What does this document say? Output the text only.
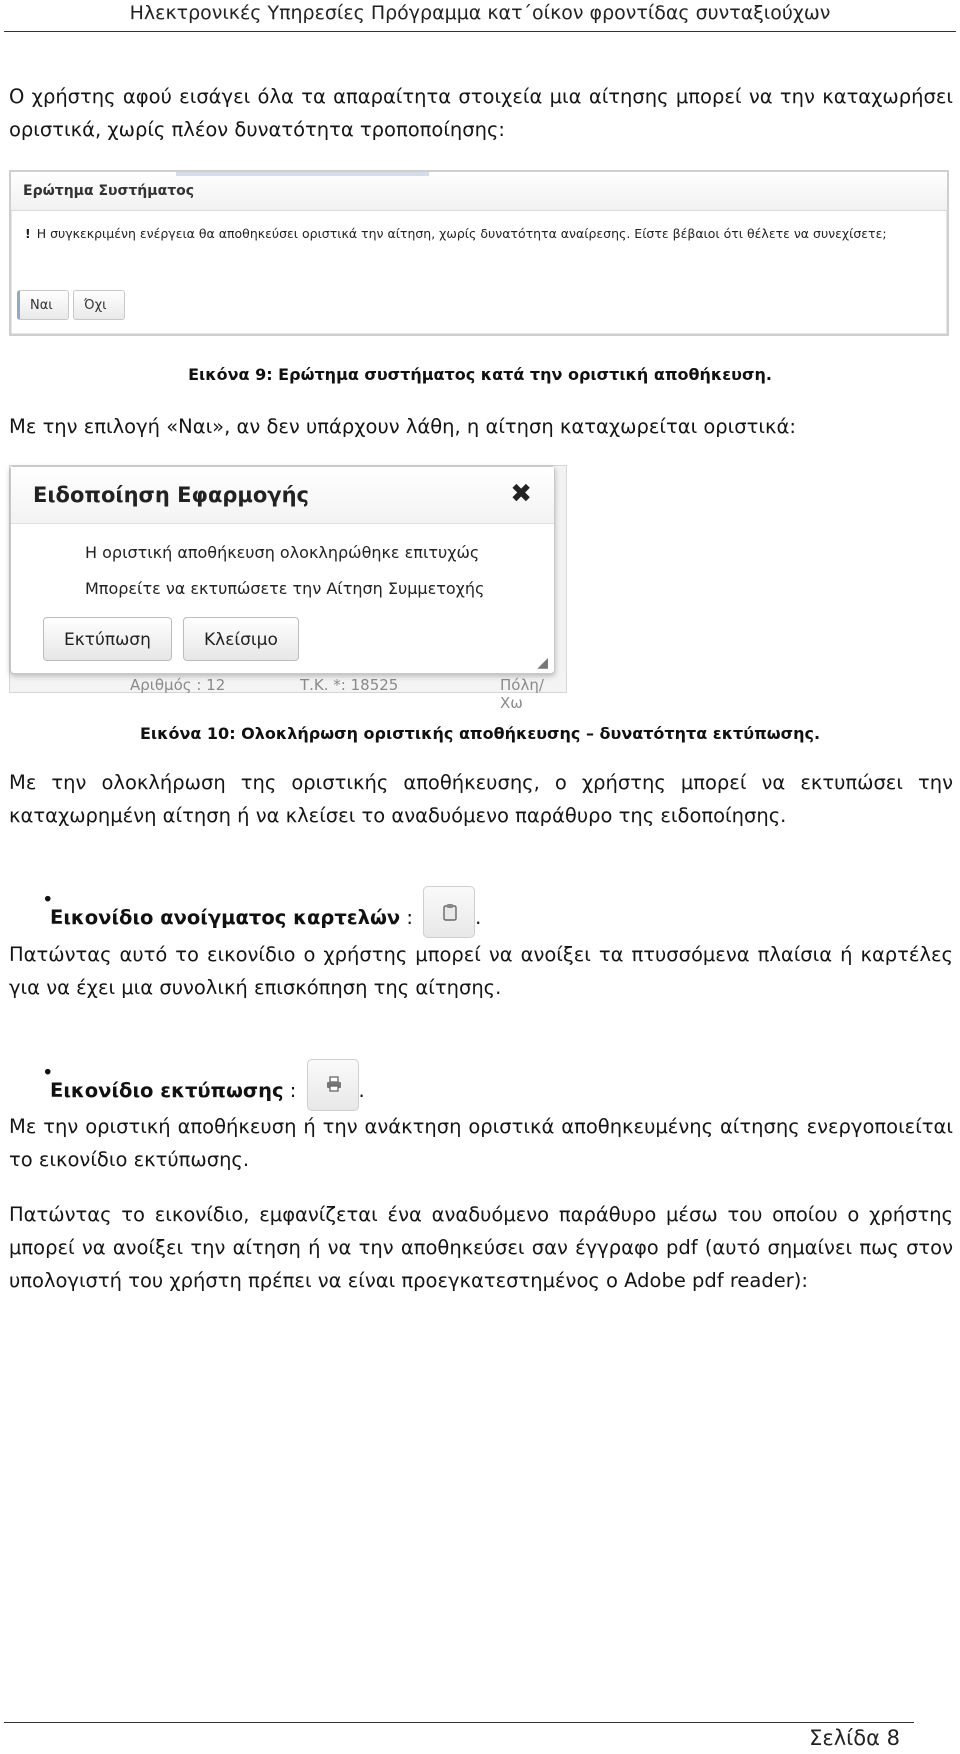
Ηλεκτρονικές Υπηρεσίες Πρόγραμμα κατ΄οίκον φροντίδας συνταξιούχων

Ο χρήστης αφού εισάγει όλα τα απαραίτητα στοιχεία μια αίτησης μπορεί να την καταχωρήσει οριστικά, χωρίς πλέον δυνατότητα τροποποίησης:

Ερώτημα Συστήματος
! Η συγκεκριμένη ενέργεια θα αποθηκεύσει οριστικά την αίτηση, χωρίς δυνατότητα αναίρεσης. Είστε βέβαιοι ότι θέλετε να συνεχίσετε;
Ναι	Όχι
Εικόνα 9: Ερώτημα συστήματος κατά την οριστική αποθήκευση.

Με την επιλογή «Ναι», αν δεν υπάρχουν λάθη, η αίτηση καταχωρείται οριστικά:

Αριθμός : 12	Τ.Κ. *: 18525	Πόλη/Χω
Ειδοποίηση Εφαρμογής	✖
Η οριστική αποθήκευση ολοκληρώθηκε επιτυχώς
Μπορείτε να εκτυπώσετε την Αίτηση Συμμετοχής
Εκτύπωση	Κλείσιμο
◢
Εικόνα 10: Ολοκλήρωση οριστικής αποθήκευσης – δυνατότητα εκτύπωσης.

Με την ολοκλήρωση της οριστικής αποθήκευσης, ο χρήστης μπορεί να εκτυπώσει την καταχωρημένη αίτηση ή να κλείσει το αναδυόμενο παράθυρο της ειδοποίησης.

•
Εικονίδιο ανοίγματος καρτελών :	.

Πατώντας αυτό το εικονίδιο ο χρήστης μπορεί να ανοίξει τα πτυσσόμενα πλαίσια ή καρτέλες για να έχει μια συνολική επισκόπηση της αίτησης.

•
Εικονίδιο εκτύπωσης :	.

Με την οριστική αποθήκευση ή την ανάκτηση οριστικά αποθηκευμένης αίτησης ενεργοποιείται το εικονίδιο εκτύπωσης.

Πατώντας το εικονίδιο, εμφανίζεται ένα αναδυόμενο παράθυρο μέσω του οποίου ο χρήστης μπορεί να ανοίξει την αίτηση ή να την αποθηκεύσει σαν έγγραφο pdf (αυτό σημαίνει πως στον υπολογιστή του χρήστη πρέπει να είναι προεγκατεστημένος ο Adobe pdf reader):

Σελίδα 8
